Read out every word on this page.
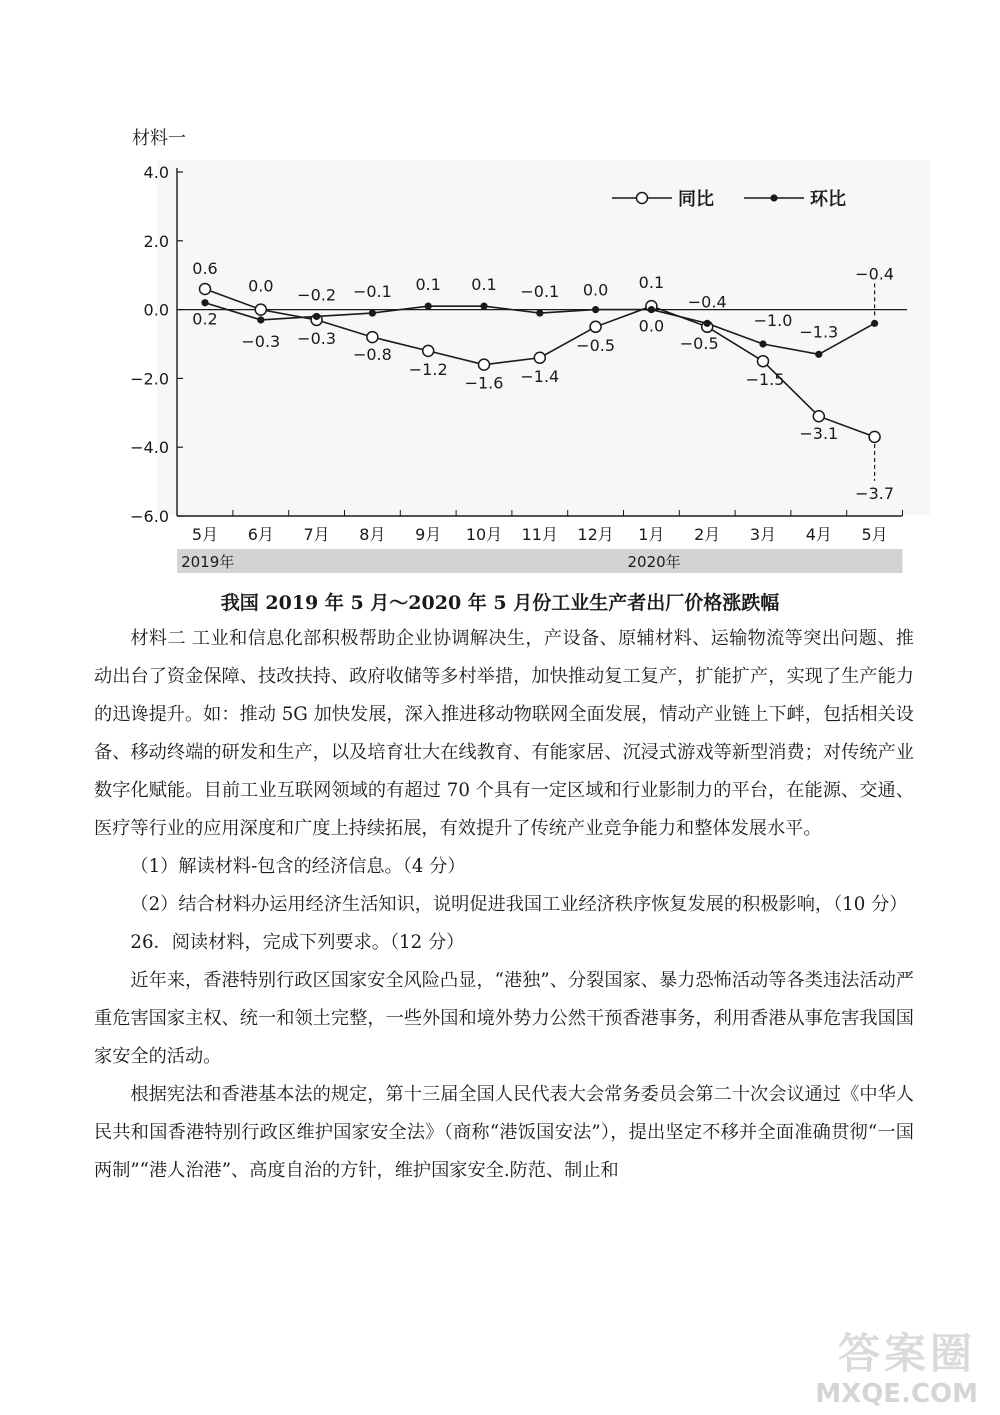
材料一
4.0
2.0
0.0
−2.0
−4.0
−6.0
5月 6月 7月 8月 9月 10月 11月 12月 1月 2月 3月 4月 5月
2019年	2020年
0.6
0.0
−0.3
−0.8
−1.2
−1.6 −1.4
−0.5
0.1
−0.5
−1.5
−3.1
−3.7
0.2
−0.3
−0.2 −0.1 0.1 0.1 −0.1 0.0
0.0
−0.4
−1.0
−1.3
−0.4
同比	环比
我国 2019 年 5 月～2020 年 5 月份工业生产者出厂价格涨跌幅

材料二 工业和信息化部积极帮助企业协调解决生，产设备、原辅材料、运输物流等突出问题、推动出台了资金保障、技改扶持、政府收储等多村举措，加快推动复工复产，扩能扩产，实现了生产能力的迅谗提升。如：推动 5G 加快发展，深入推进移动物联网全面发展，情动产业链上下衅，包括相关设备、移动终端的研发和生产，以及培育壮大在线教育、有能家居、沉浸式游戏等新型消费；对传统产业数字化赋能。目前工业互联网领域的有超过 70 个具有一定区域和行业影制力的平台，在能源、交通、医疗等行业的应用深度和广度上持续拓展，有效提升了传统产业竞争能力和整体发展水平。

（1）解读材料-包含的经济信息。（4 分）

（2）结合材料办运用经济生活知识，说明促进我国工业经济秩序恢复发展的积极影响，（10 分）

26．阅读材料，完成下列要求。（12 分）

近年来，香港特别行政区国家安全风险凸显，“港独”、分裂国家、暴力恐怖活动等各类违法活动严重危害国家主权、统一和领土完整，一些外国和境外势力公然干预香港事务，利用香港从事危害我国国家安全的活动。

根据宪法和香港基本法的规定，第十三届全国人民代表大会常务委员会第二十次会议通过《中华人民共和国香港特别行政区维护国家安全法》（商称“港饭国安法”），提出坚定不移并全面准确贯彻“一国两制”“港人治港”、高度自治的方针，维护国家安全.防范、制止和

答案圈
MXQE.COM
